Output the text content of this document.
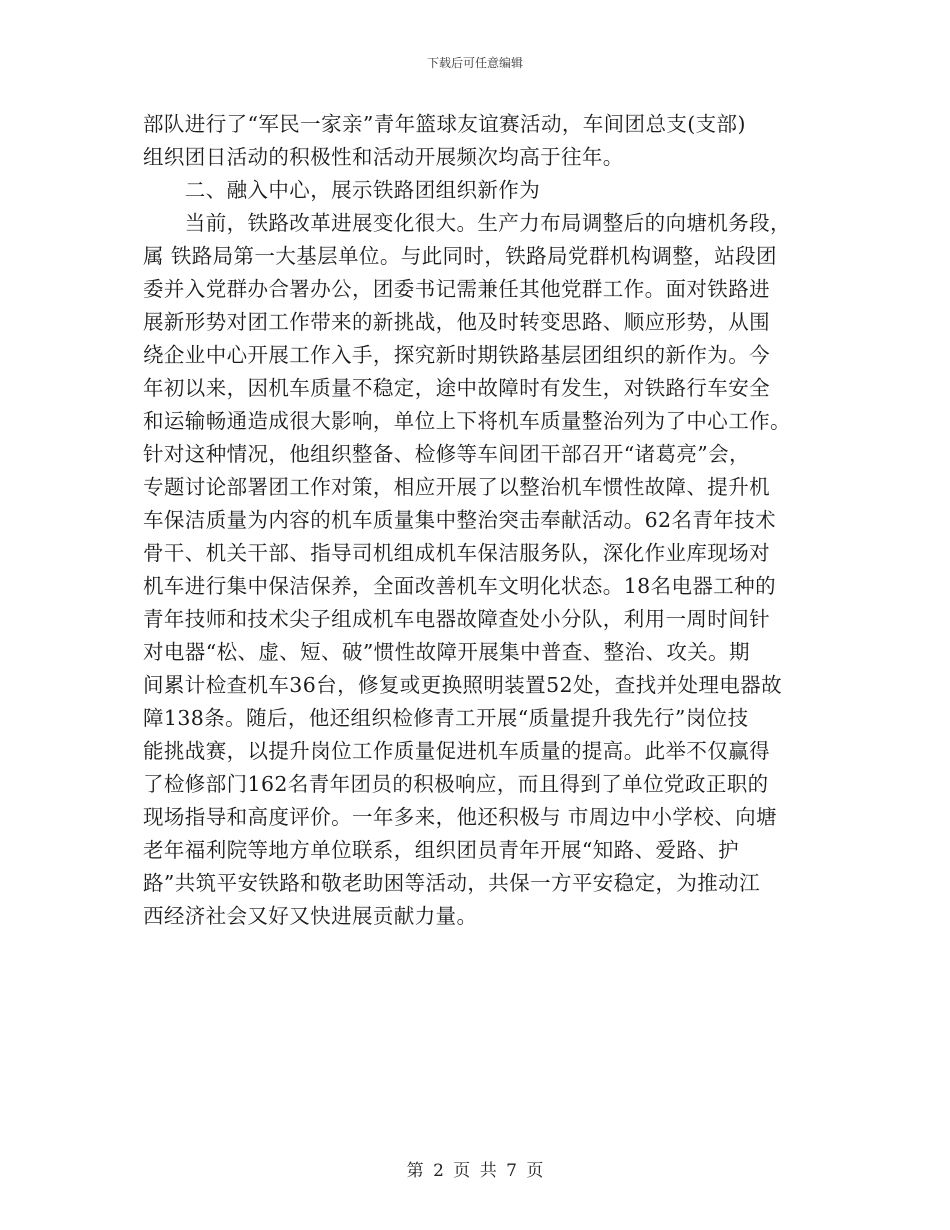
下载后可任意编辑
部队进行了“军民一家亲”青年篮球友谊赛活动，车间团总支(支部)
组织团日活动的积极性和活动开展频次均高于往年。
　　二、融入中心，展示铁路团组织新作为
　　当前，铁路改革进展变化很大。生产力布局调整后的向塘机务段，
属 铁路局第一大基层单位。与此同时，铁路局党群机构调整，站段团
委并入党群办合署办公，团委书记需兼任其他党群工作。面对铁路进
展新形势对团工作带来的新挑战，他及时转变思路、顺应形势，从围
绕企业中心开展工作入手，探究新时期铁路基层团组织的新作为。今
年初以来，因机车质量不稳定，途中故障时有发生，对铁路行车安全
和运输畅通造成很大影响，单位上下将机车质量整治列为了中心工作。
针对这种情况，他组织整备、检修等车间团干部召开“诸葛亮”会，
专题讨论部署团工作对策，相应开展了以整治机车惯性故障、提升机
车保洁质量为内容的机车质量集中整治突击奉献活动。62名青年技术
骨干、机关干部、指导司机组成机车保洁服务队，深化作业库现场对
机车进行集中保洁保养，全面改善机车文明化状态。18名电器工种的
青年技师和技术尖子组成机车电器故障查处小分队，利用一周时间针
对电器“松、虚、短、破”惯性故障开展集中普查、整治、攻关。期
间累计检查机车36台，修复或更换照明装置52处，查找并处理电器故
障138条。随后，他还组织检修青工开展“质量提升我先行”岗位技
能挑战赛，以提升岗位工作质量促进机车质量的提高。此举不仅赢得
了检修部门162名青年团员的积极响应，而且得到了单位党政正职的
现场指导和高度评价。一年多来，他还积极与 市周边中小学校、向塘
老年福利院等地方单位联系，组织团员青年开展“知路、爱路、护
路”共筑平安铁路和敬老助困等活动，共保一方平安稳定，为推动江
西经济社会又好又快进展贡献力量。
第 2 页 共 7 页
